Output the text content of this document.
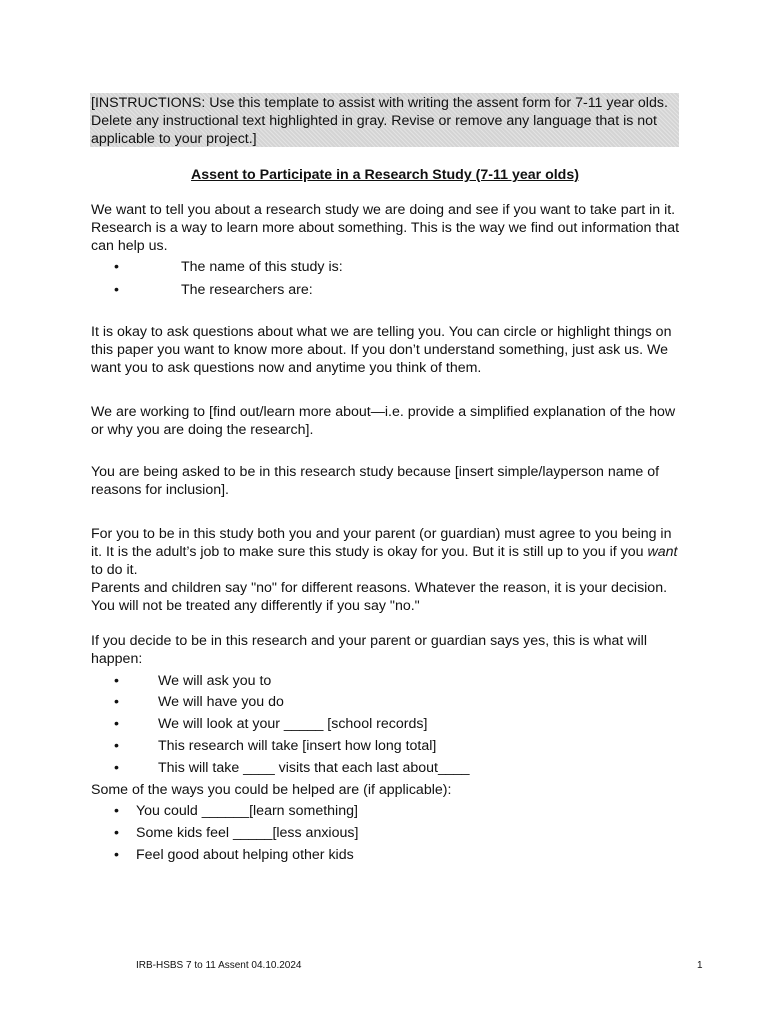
[INSTRUCTIONS: Use this template to assist with writing the assent form for 7-11 year olds. Delete any instructional text highlighted in gray. Revise or remove any language that is not applicable to your project.]

Assent to Participate in a Research Study (7-11 year olds)

We want to tell you about a research study we are doing and see if you want to take part in it. Research is a way to learn more about something. This is the way we find out information that can help us.

•	The name of this study is:
•	The researchers are:

It is okay to ask questions about what we are telling you. You can circle or highlight things on this paper you want to know more about. If you don’t understand something, just ask us. We want you to ask questions now and anytime you think of them.

We are working to [find out/learn more about—i.e. provide a simplified explanation of the how or why you are doing the research].

You are being asked to be in this research study because [insert simple/layperson name of reasons for inclusion].

For you to be in this study both you and your parent (or guardian) must agree to you being in it. It is the adult’s job to make sure this study is okay for you. But it is still up to you if you want to do it.

Parents and children say "no" for different reasons. Whatever the reason, it is your decision. You will not be treated any differently if you say "no."

If you decide to be in this research and your parent or guardian says yes, this is what will happen:

•	We will ask you to
•	We will have you do
•	We will look at your _____ [school records]
•	This research will take [insert how long total]
•	This will take ____ visits that each last about____

Some of the ways you could be helped are (if applicable):

•	You could ______[learn something]
•	Some kids feel _____[less anxious]
•	Feel good about helping other kids
IRB-HSBS 7 to 11 Assent 04.10.2024	1
